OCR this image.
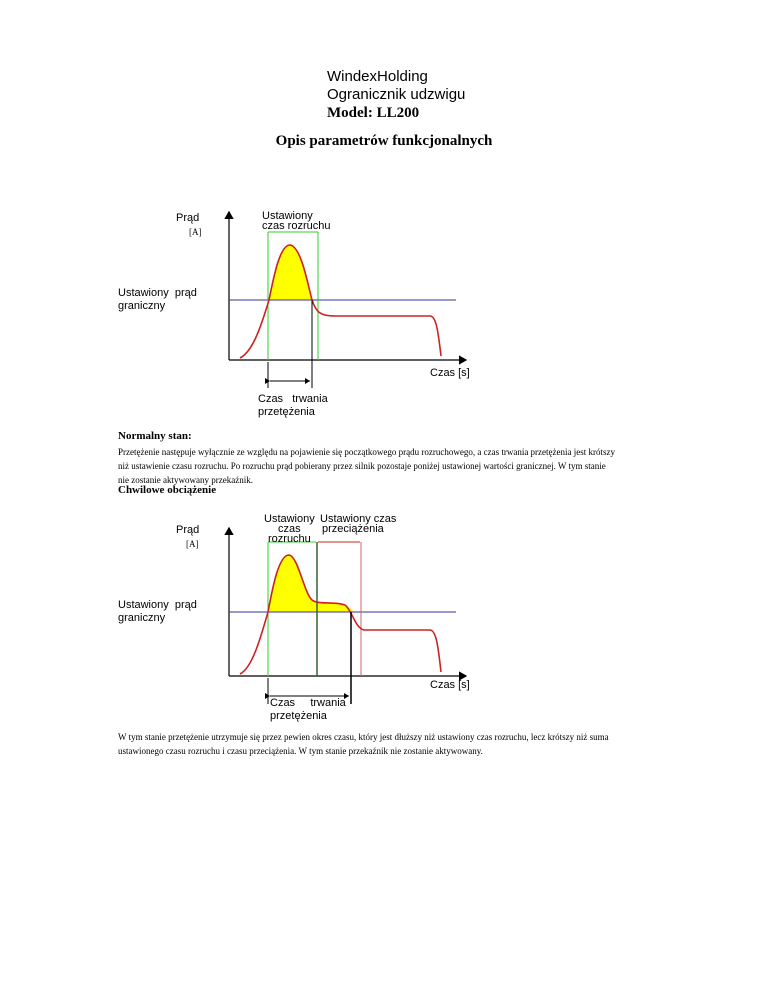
WindexHolding
Ogranicznik udzwigu
Model: LL200
Opis parametrów funkcjonalnych
Prąd
[A]
Ustawiony
czas rozruchu
Ustawiony  prąd
graniczny
Czas [s]
Czas   trwania
przetężenia
Normalny stan:
Przetężenie następuje wyłącznie ze względu na pojawienie się początkowego prądu rozruchowego, a czas trwania przetężenia jest krótszy niż ustawienie czasu rozruchu. Po rozruchu prąd pobierany przez silnik pozostaje poniżej ustawionej wartości granicznej. W tym stanie nie zostanie aktywowany przekaźnik.
Chwilowe obciążenie
Prąd
[A]
Ustawiony
czas
rozruchu
Ustawiony czas
przeciążenia
Ustawiony  prąd
graniczny
Czas [s]
Czas     trwania
przetężenia
W tym stanie przetężenie utrzymuje się przez pewien okres czasu, który jest dłuższy niż ustawiony czas rozruchu, lecz krótszy niż suma ustawionego czasu rozruchu i czasu przeciążenia. W tym stanie przekaźnik nie zostanie aktywowany.
